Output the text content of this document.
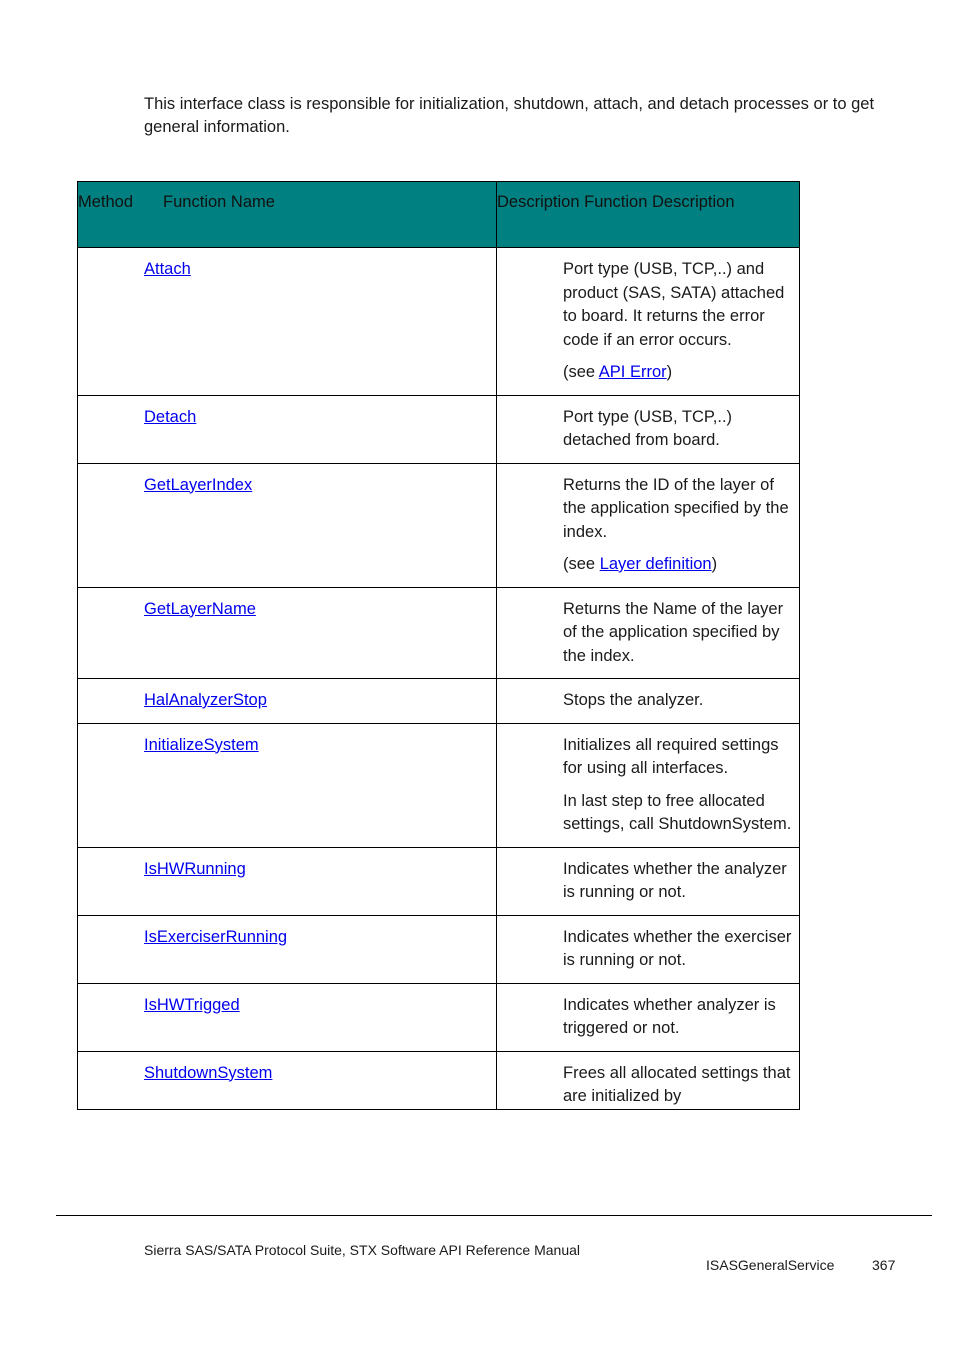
This interface class is responsible for initialization, shutdown, attach, and detach processes or to get general information.
Method Function Name	Description Function Description
Attach	Port type (USB, TCP,..) and product (SAS, SATA) attached to board. It returns the error code if an error occurs.

(see API Error)

Detach	Port type (USB, TCP,..) detached from board.

GetLayerIndex	Returns the ID of the layer of the application specified by the index.

(see Layer definition)

GetLayerName	Returns the Name of the layer of the application specified by the index.

HalAnalyzerStop	Stops the analyzer.

InitializeSystem	Initializes all required settings for using all interfaces.

In last step to free allocated settings, call ShutdownSystem.

IsHWRunning	Indicates whether the analyzer is running or not.

IsExerciserRunning	Indicates whether the exerciser is running or not.

IsHWTrigged	Indicates whether analyzer is triggered or not.

ShutdownSystem	Frees all allocated settings that are initialized by

Sierra SAS/SATA Protocol Suite, STX Software API Reference Manual
ISASGeneralService	367
